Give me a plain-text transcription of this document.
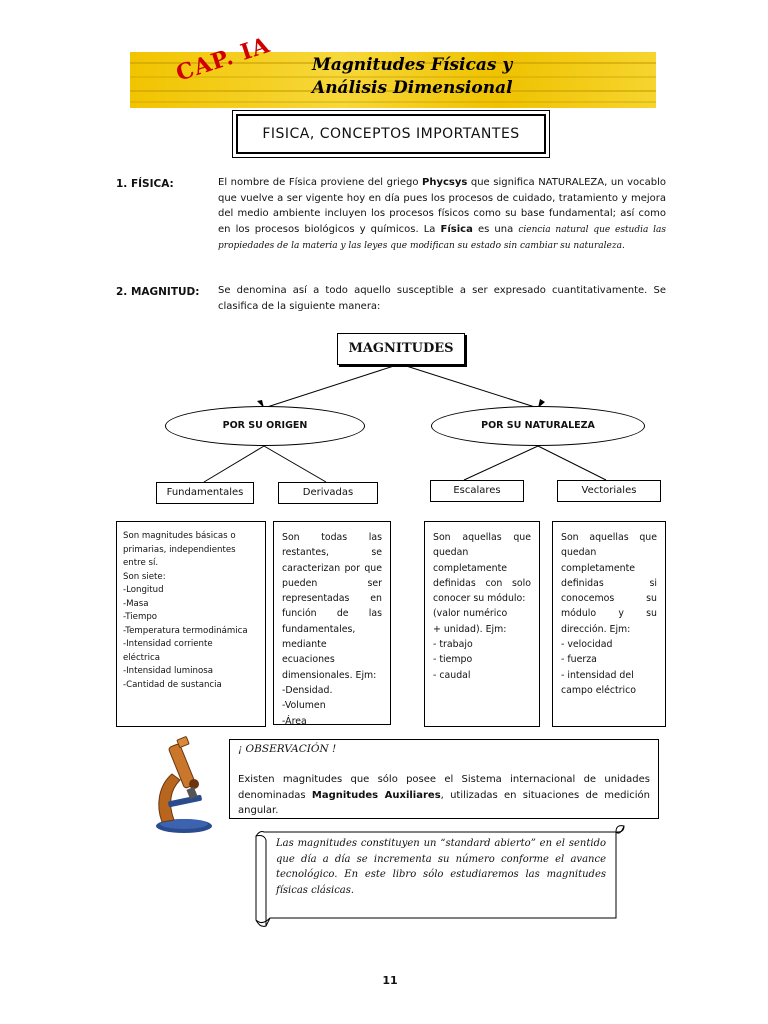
CAP. IA Magnitudes Físicas y
Análisis Dimensional
FISICA, CONCEPTOS IMPORTANTES
1. FÍSICA:	El nombre de Física proviene del griego Phycsys que significa NATURALEZA, un vocablo que vuelve a ser vigente hoy en día pues los procesos de cuidado, tratamiento y mejora del medio ambiente incluyen los procesos físicos como su base fundamental; así como en los procesos biológicos y químicos. La Física es una ciencia natural que estudia las propiedades de la materia y las leyes que modifican su estado sin cambiar su naturaleza.
2. MAGNITUD: Se denomina así a todo aquello susceptible a ser expresado cuantitativamente. Se clasifica de la siguiente manera:
MAGNITUDES
POR SU ORIGEN	POR SU NATURALEZA
Fundamentales	Derivadas	Escalares	Vectoriales
Son magnitudes básicas o primarias, independientes entre sí.
Son siete:
-Longitud
-Masa
-Tiempo
-Temperatura termodinámica
-Intensidad corriente
eléctrica
-Intensidad luminosa
-Cantidad de sustancia
Son todas las restantes, se caracterizan por que pueden ser representadas en función de las fundamentales, mediante ecuaciones dimensionales. Ejm:
-Densidad.
-Volumen
-Área
Son aquellas que quedan completamente definidas con solo conocer su módulo:
(valor numérico
+ unidad). Ejm:
- trabajo
- tiempo
- caudal
Son aquellas que quedan completamente definidas si conocemos su módulo y su dirección. Ejm:
- velocidad
- fuerza
- intensidad del
campo eléctrico
¡ OBSERVACIÓN !
Existen magnitudes que sólo posee el Sistema internacional de unidades denominadas Magnitudes Auxiliares, utilizadas en situaciones de medición angular.
Las magnitudes constituyen un “standard abierto” en el sentido que día a día se incrementa su número conforme el avance tecnológico. En este libro sólo estudiaremos las magnitudes físicas clásicas.
11
